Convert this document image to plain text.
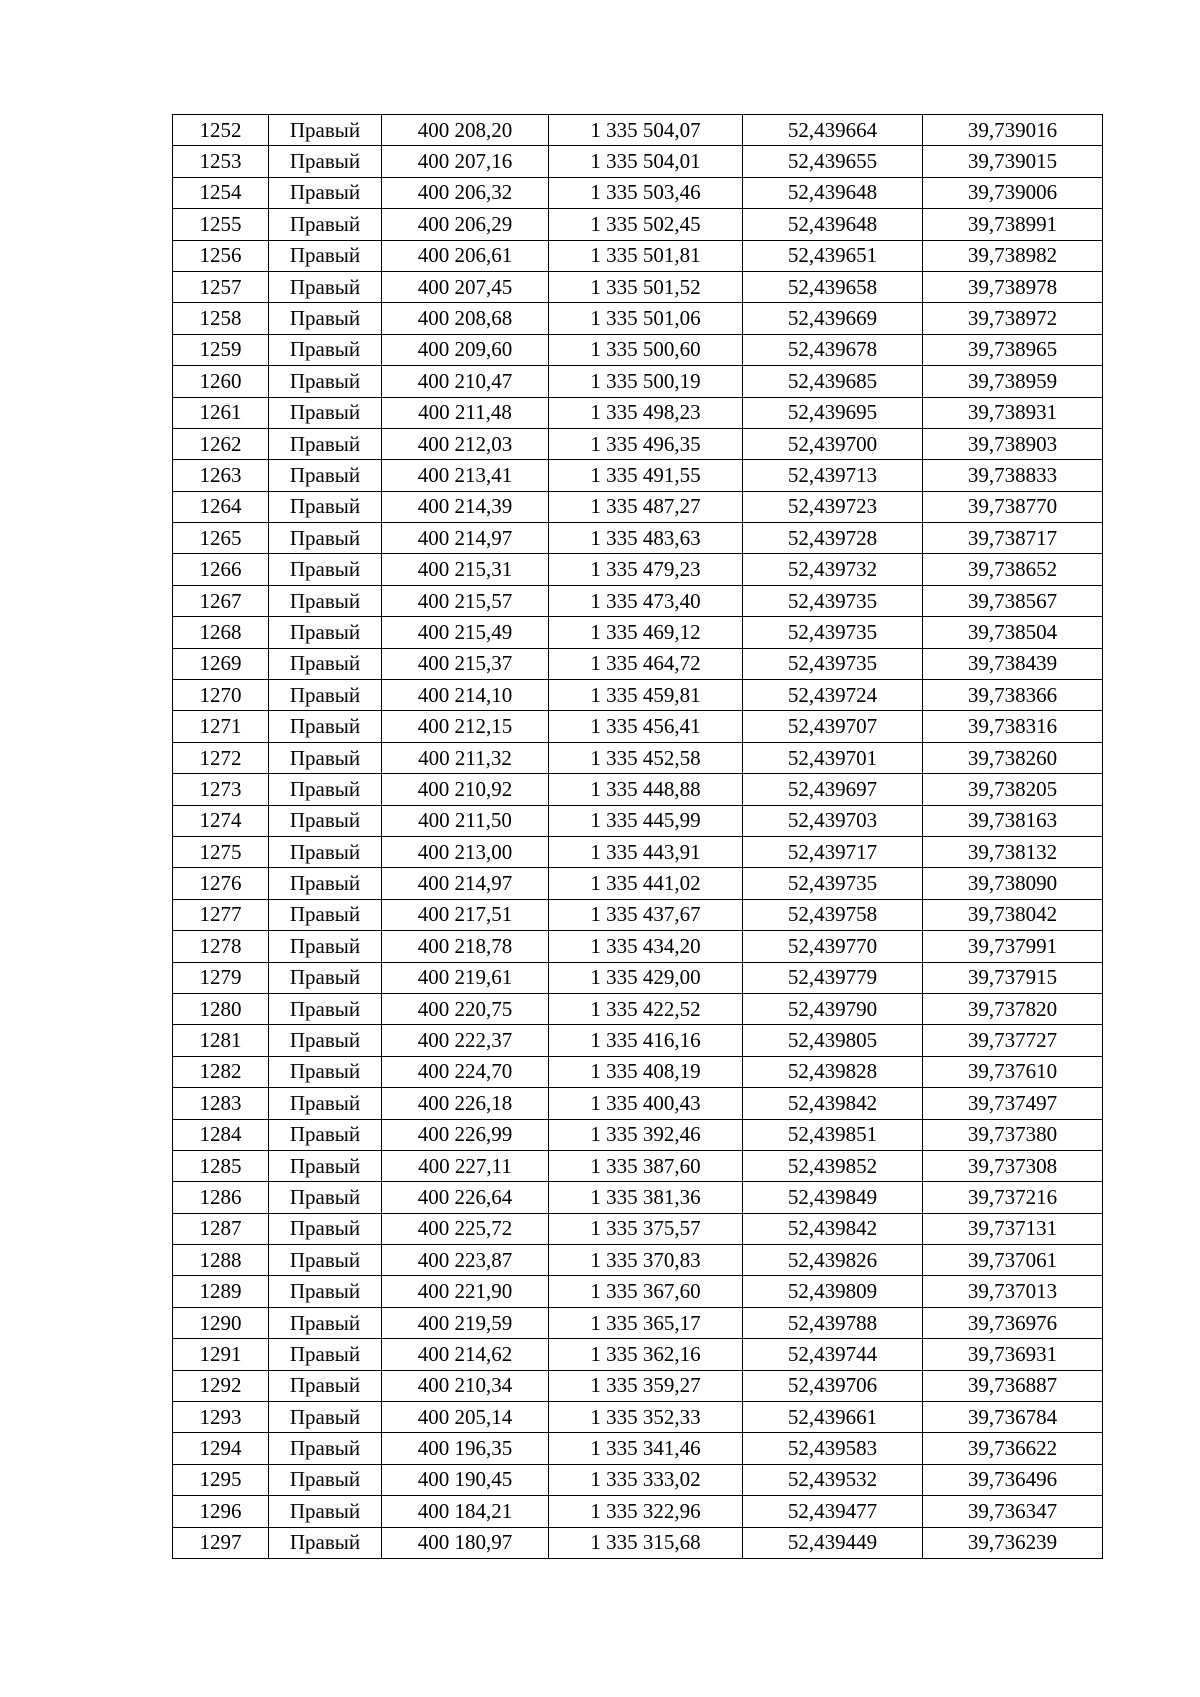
1252	Правый	400 208,20	1 335 504,07	52,439664	39,739016
1253	Правый	400 207,16	1 335 504,01	52,439655	39,739015
1254	Правый	400 206,32	1 335 503,46	52,439648	39,739006
1255	Правый	400 206,29	1 335 502,45	52,439648	39,738991
1256	Правый	400 206,61	1 335 501,81	52,439651	39,738982
1257	Правый	400 207,45	1 335 501,52	52,439658	39,738978
1258	Правый	400 208,68	1 335 501,06	52,439669	39,738972
1259	Правый	400 209,60	1 335 500,60	52,439678	39,738965
1260	Правый	400 210,47	1 335 500,19	52,439685	39,738959
1261	Правый	400 211,48	1 335 498,23	52,439695	39,738931
1262	Правый	400 212,03	1 335 496,35	52,439700	39,738903
1263	Правый	400 213,41	1 335 491,55	52,439713	39,738833
1264	Правый	400 214,39	1 335 487,27	52,439723	39,738770
1265	Правый	400 214,97	1 335 483,63	52,439728	39,738717
1266	Правый	400 215,31	1 335 479,23	52,439732	39,738652
1267	Правый	400 215,57	1 335 473,40	52,439735	39,738567
1268	Правый	400 215,49	1 335 469,12	52,439735	39,738504
1269	Правый	400 215,37	1 335 464,72	52,439735	39,738439
1270	Правый	400 214,10	1 335 459,81	52,439724	39,738366
1271	Правый	400 212,15	1 335 456,41	52,439707	39,738316
1272	Правый	400 211,32	1 335 452,58	52,439701	39,738260
1273	Правый	400 210,92	1 335 448,88	52,439697	39,738205
1274	Правый	400 211,50	1 335 445,99	52,439703	39,738163
1275	Правый	400 213,00	1 335 443,91	52,439717	39,738132
1276	Правый	400 214,97	1 335 441,02	52,439735	39,738090
1277	Правый	400 217,51	1 335 437,67	52,439758	39,738042
1278	Правый	400 218,78	1 335 434,20	52,439770	39,737991
1279	Правый	400 219,61	1 335 429,00	52,439779	39,737915
1280	Правый	400 220,75	1 335 422,52	52,439790	39,737820
1281	Правый	400 222,37	1 335 416,16	52,439805	39,737727
1282	Правый	400 224,70	1 335 408,19	52,439828	39,737610
1283	Правый	400 226,18	1 335 400,43	52,439842	39,737497
1284	Правый	400 226,99	1 335 392,46	52,439851	39,737380
1285	Правый	400 227,11	1 335 387,60	52,439852	39,737308
1286	Правый	400 226,64	1 335 381,36	52,439849	39,737216
1287	Правый	400 225,72	1 335 375,57	52,439842	39,737131
1288	Правый	400 223,87	1 335 370,83	52,439826	39,737061
1289	Правый	400 221,90	1 335 367,60	52,439809	39,737013
1290	Правый	400 219,59	1 335 365,17	52,439788	39,736976
1291	Правый	400 214,62	1 335 362,16	52,439744	39,736931
1292	Правый	400 210,34	1 335 359,27	52,439706	39,736887
1293	Правый	400 205,14	1 335 352,33	52,439661	39,736784
1294	Правый	400 196,35	1 335 341,46	52,439583	39,736622
1295	Правый	400 190,45	1 335 333,02	52,439532	39,736496
1296	Правый	400 184,21	1 335 322,96	52,439477	39,736347
1297	Правый	400 180,97	1 335 315,68	52,439449	39,736239
